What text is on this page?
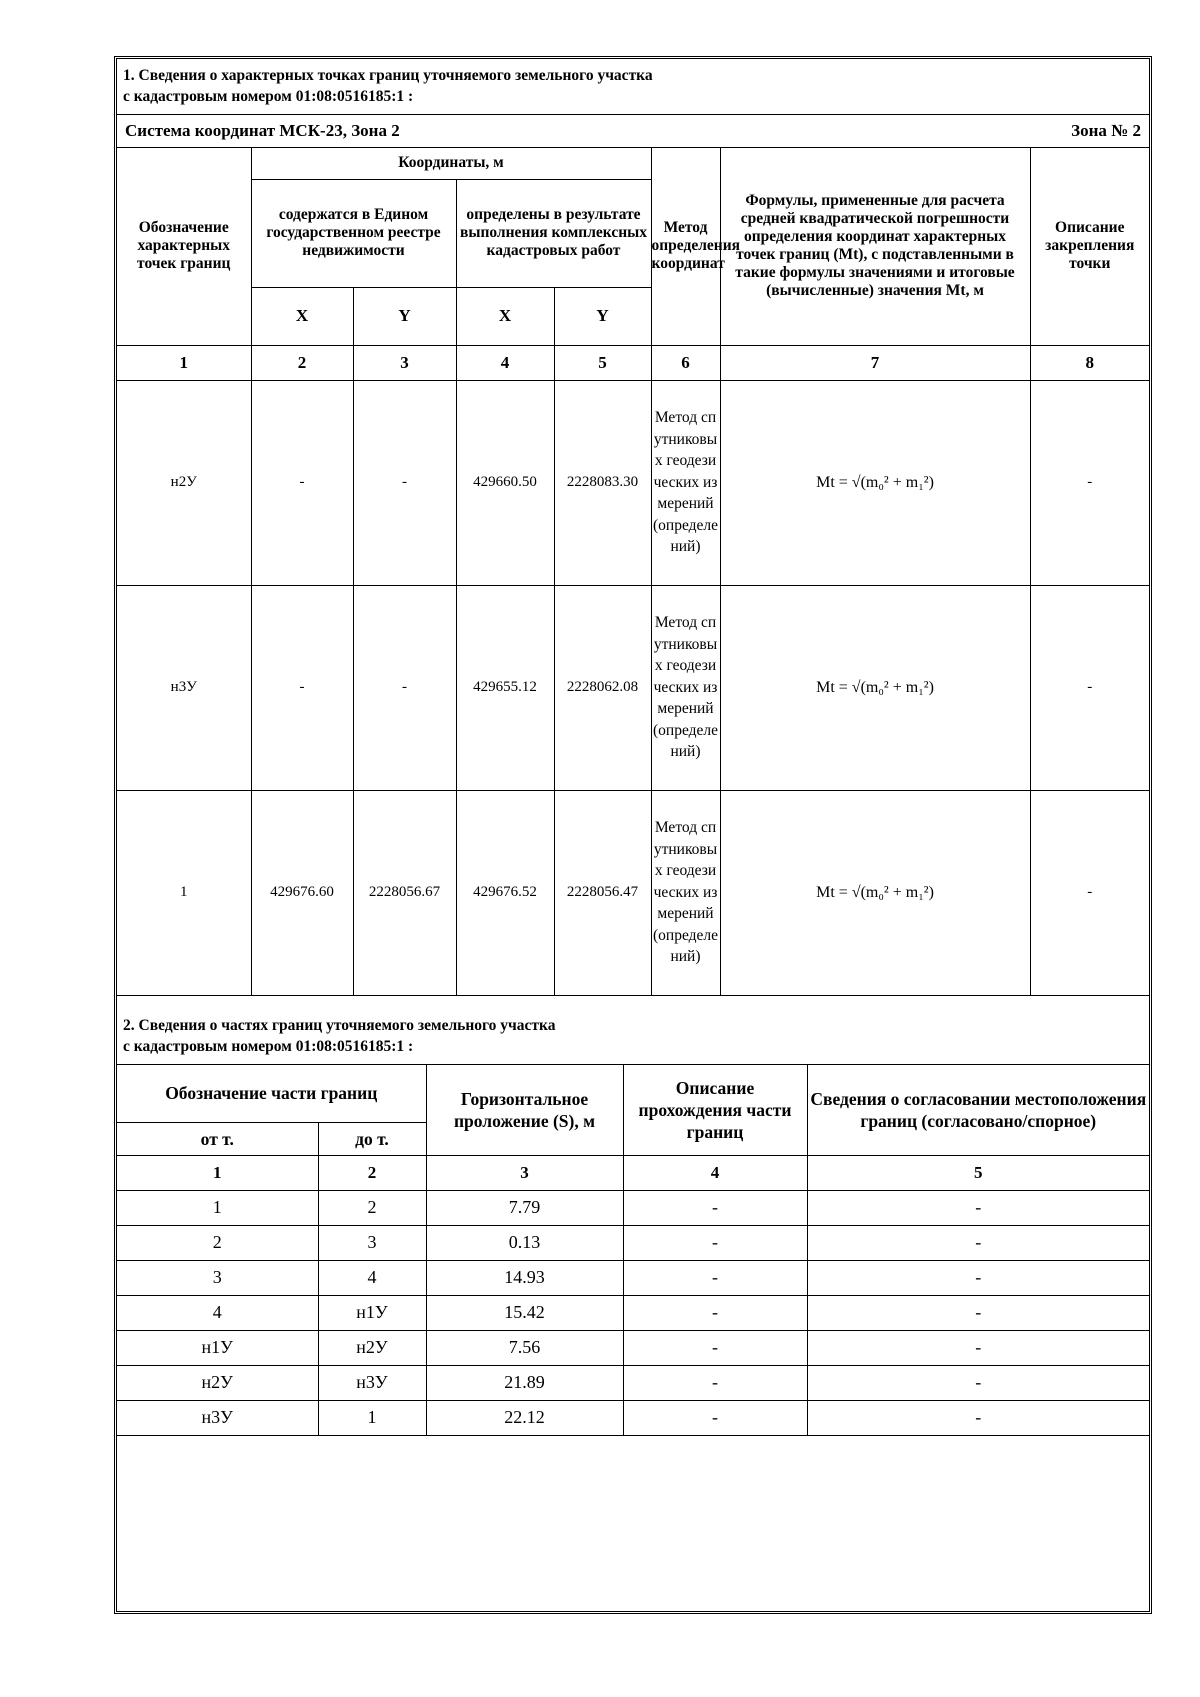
1. Сведения о характерных точках границ уточняемого земельного участка
с кадастровым номером 01:08:0516185:1 :							

Система координат МСК-23, Зона 2 Зона № 2							

Обозначение характерных точек границ	Координаты, м				Метод определения координат	Формулы, примененные для расчета средней квадратической погрешности определения координат характерных точек границ (Mt), с подставленными в такие формулы значениями и итоговые (вычисленные) значения Mt, м	Описание закрепления точки
	содержатся в Едином государственном реестре недвижимости		определены в результате выполнения комплексных кадастровых работ				
	X	Y	X	Y			
1	2	3	4	5	6	7	8
н2У	-	-	429660.50	2228083.30	Метод спутниковых геодезических измерений (определений)	Mt = √(m₀² + m₁²)	-
н3У	-	-	429655.12	2228062.08	Метод спутниковых геодезических измерений (определений)	Mt = √(m₀² + m₁²)	-
1	429676.60	2228056.67	429676.52	2228056.47	Метод спутниковых геодезических измерений (определений)	Mt = √(m₀² + m₁²)	-
2. Сведения о частях границ уточняемого земельного участка
с кадастровым номером 01:08:0516185:1 :				

Обозначение части границ		Горизонтальное проложение (S), м	Описание прохождения части границ	Сведения о согласовании местоположения границ (согласовано/спорное)
от т.	до т.			
1	2	3	4	5
1	2	7.79	-	-
2	3	0.13	-	-
3	4	14.93	-	-
4	н1У	15.42	-	-
н1У	н2У	7.56	-	-
н2У	н3У	21.89	-	-
н3У	1	22.12	-	-
